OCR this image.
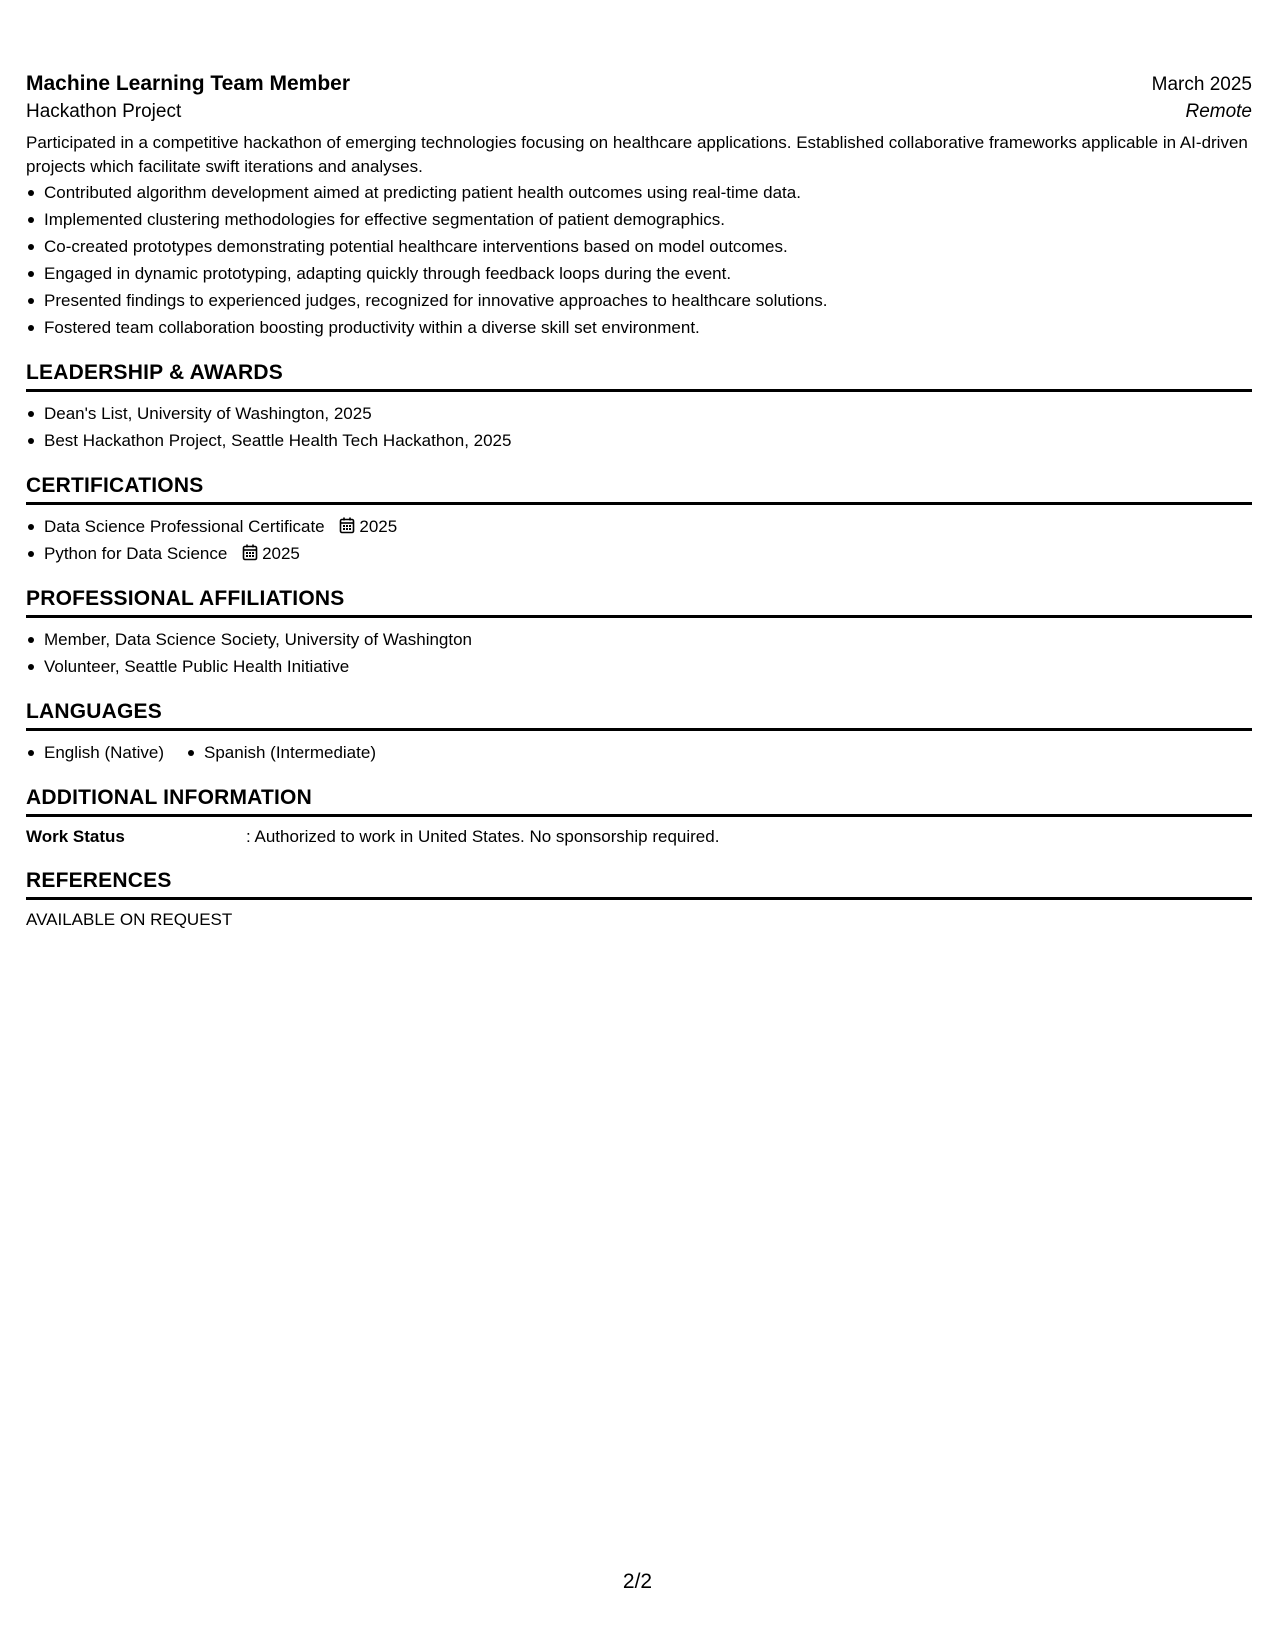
Machine Learning Team Member	March 2025
Hackathon Project	Remote
Participated in a competitive hackathon of emerging technologies focusing on healthcare applications. Established collaborative frameworks applicable in AI-driven projects which facilitate swift iterations and analyses.
Contributed algorithm development aimed at predicting patient health outcomes using real-time data.
Implemented clustering methodologies for effective segmentation of patient demographics.
Co-created prototypes demonstrating potential healthcare interventions based on model outcomes.
Engaged in dynamic prototyping, adapting quickly through feedback loops during the event.
Presented findings to experienced judges, recognized for innovative approaches to healthcare solutions.
Fostered team collaboration boosting productivity within a diverse skill set environment.
LEADERSHIP & AWARDS
Dean's List, University of Washington, 2025
Best Hackathon Project, Seattle Health Tech Hackathon, 2025
CERTIFICATIONS
Data Science Professional Certificate 2025
Python for Data Science 2025
PROFESSIONAL AFFILIATIONS
Member, Data Science Society, University of Washington
Volunteer, Seattle Public Health Initiative
LANGUAGES
English (Native)	Spanish (Intermediate)
ADDITIONAL INFORMATION
Work Status	: Authorized to work in United States. No sponsorship required.
REFERENCES
AVAILABLE ON REQUEST
2/2
